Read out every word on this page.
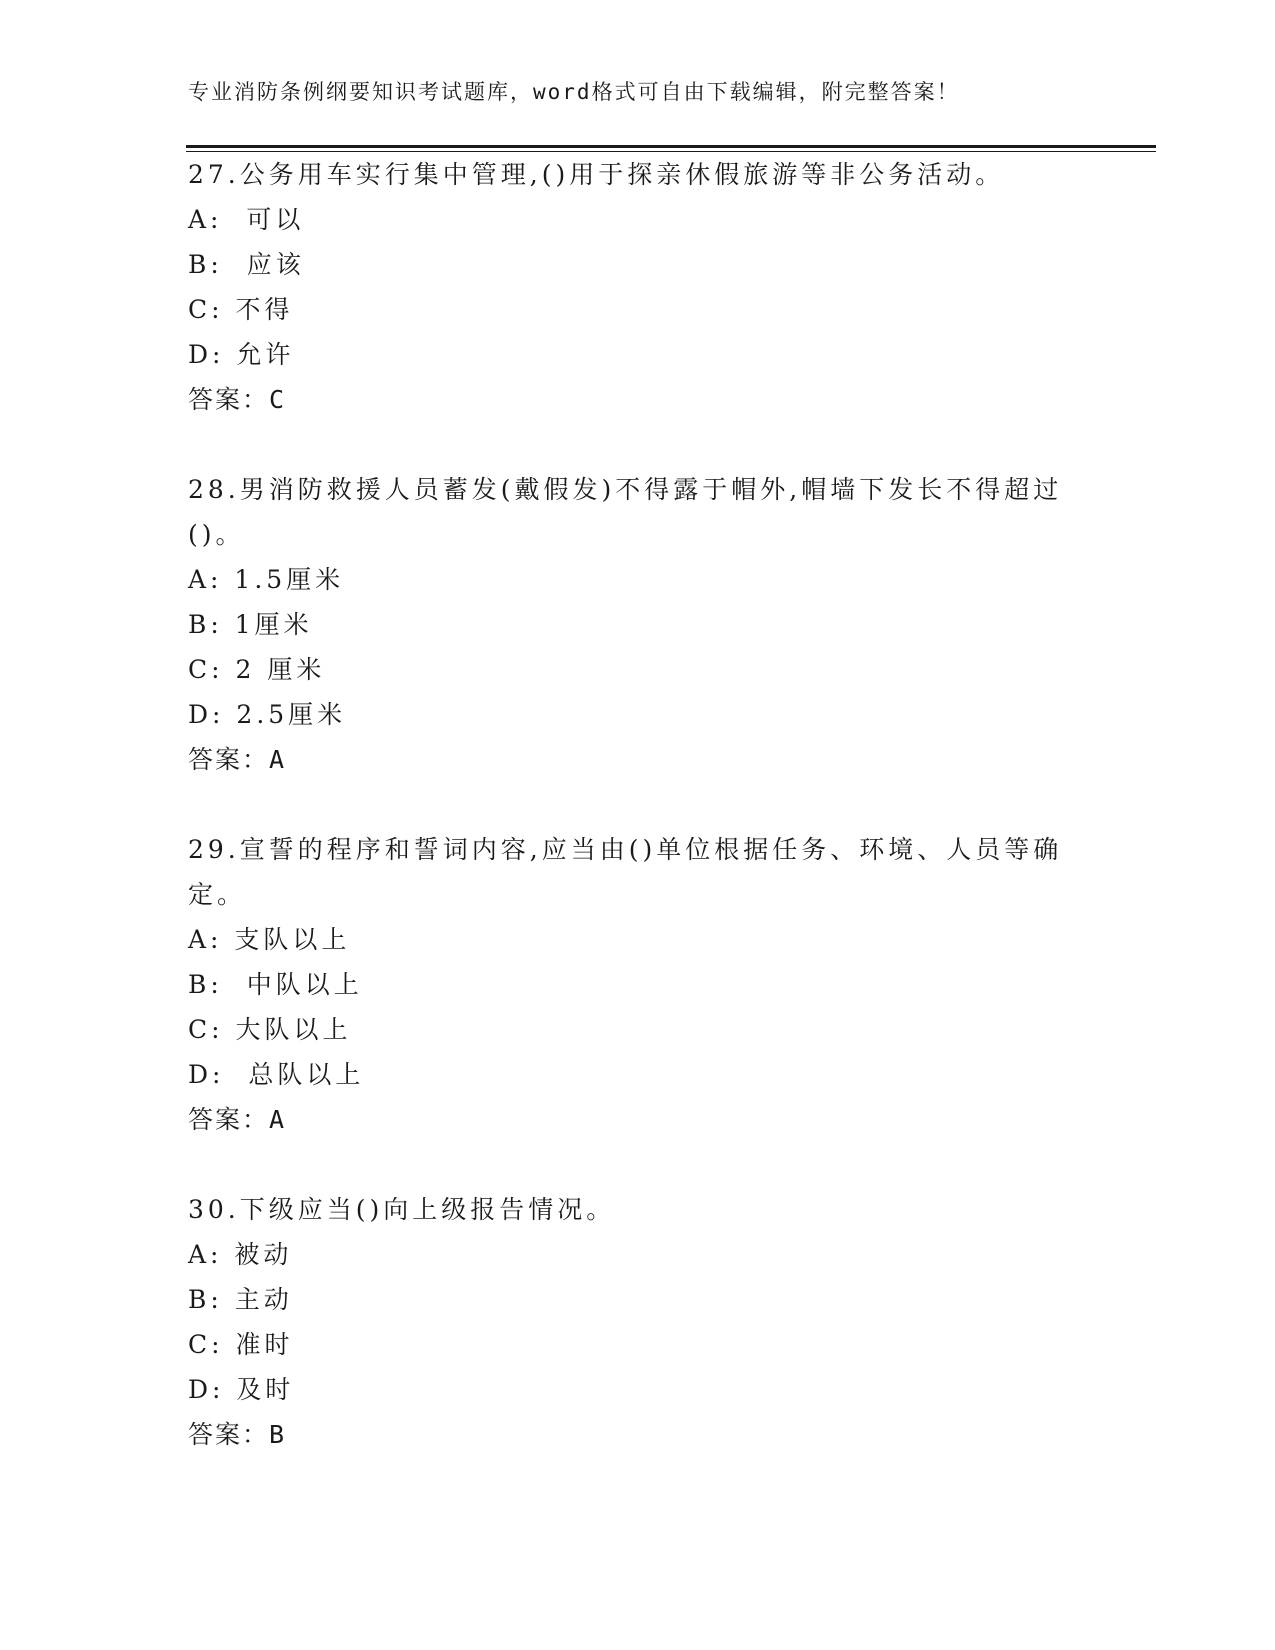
专业消防条例纲要知识考试题库，word格式可自由下载编辑，附完整答案！
27.公务用车实行集中管理,()用于探亲休假旅游等非公务活动。
A:  可以
B:  应该
C: 不得
D: 允许
答案：C
28.男消防救援人员蓄发(戴假发)不得露于帽外,帽墙下发长不得超过()。
A: 1.5厘米
B: 1厘米
C: 2 厘米
D: 2.5厘米
答案：A
29.宣誓的程序和誓词内容,应当由()单位根据任务、环境、人员等确定。
A: 支队以上
B:  中队以上
C: 大队以上
D:  总队以上
答案：A
30.下级应当()向上级报告情况。
A: 被动
B: 主动
C: 准时
D: 及时
答案：B
